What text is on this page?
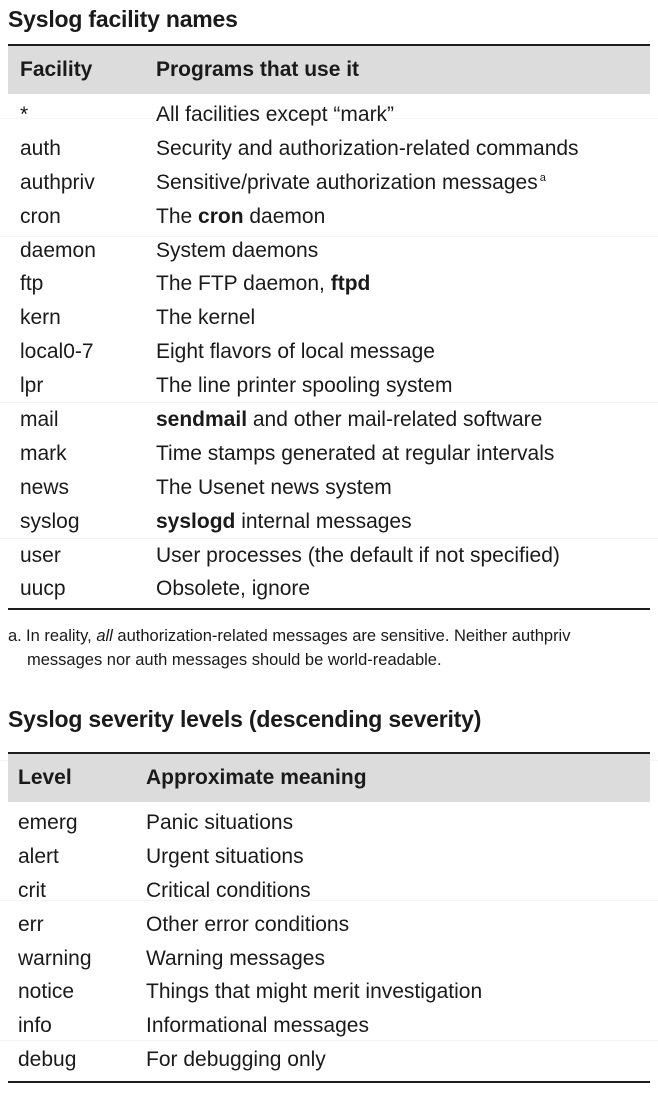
Syslog facility names
Facility	Programs that use it
*	All facilities except “mark”
auth	Security and authorization-related commands
authpriv	Sensitive/private authorization messages $^a$
cron	The cron daemon
daemon	System daemons
ftp	The FTP daemon, ftpd
kern	The kernel
local0-7	Eight flavors of local message
lpr	The line printer spooling system
mail	sendmail and other mail-related software
mark	Time stamps generated at regular intervals
news	The Usenet news system
syslog	syslogd internal messages
user	User processes (the default if not specified)
uucp	Obsolete, ignore
a. In reality, all authorization-related messages are sensitive. Neither authpriv
messages nor auth messages should be world-readable.
Syslog severity levels (descending severity)
Level	Approximate meaning
emerg	Panic situations
alert	Urgent situations
crit	Critical conditions
err	Other error conditions
warning	Warning messages
notice	Things that might merit investigation
info	Informational messages
debug	For debugging only
